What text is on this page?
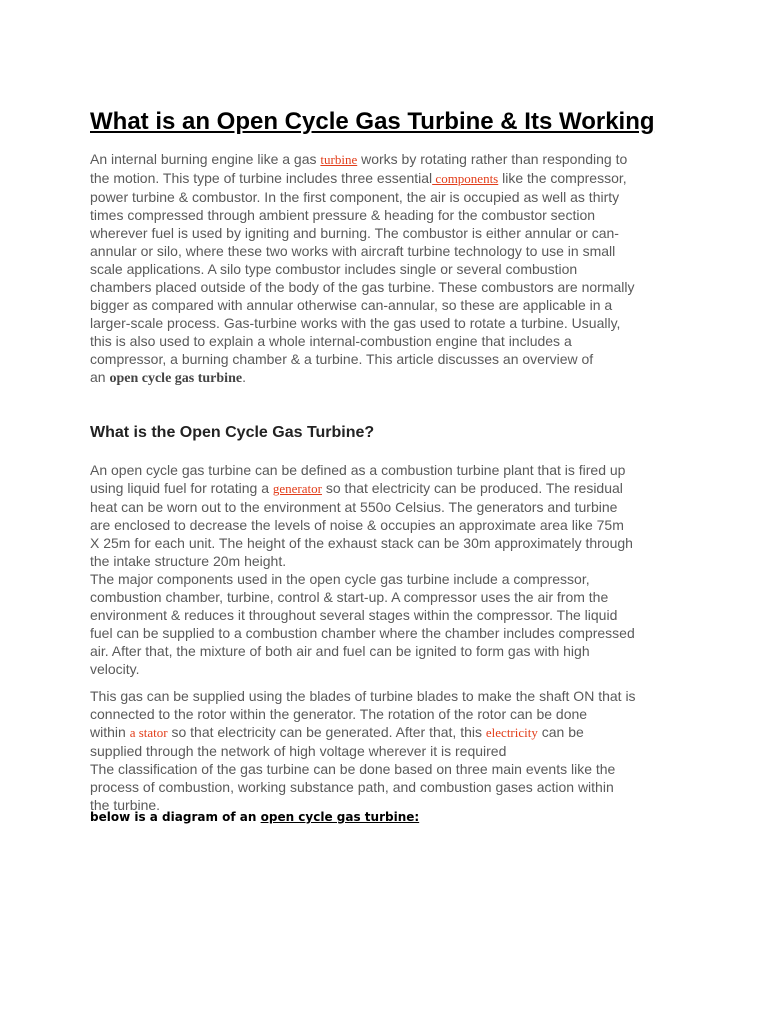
What is an Open Cycle Gas Turbine & Its Working
An internal burning engine like a gas turbine works by rotating rather than responding to
the motion. This type of turbine includes three essential components like the compressor,
power turbine & combustor. In the first component, the air is occupied as well as thirty
times compressed through ambient pressure & heading for the combustor section
wherever fuel is used by igniting and burning. The combustor is either annular or can-
annular or silo, where these two works with aircraft turbine technology to use in small
scale applications. A silo type combustor includes single or several combustion
chambers placed outside of the body of the gas turbine. These combustors are normally
bigger as compared with annular otherwise can-annular, so these are applicable in a
larger-scale process. Gas-turbine works with the gas used to rotate a turbine. Usually,
this is also used to explain a whole internal-combustion engine that includes a
compressor, a burning chamber & a turbine. This article discusses an overview of
an open cycle gas turbine.
What is the Open Cycle Gas Turbine?
An open cycle gas turbine can be defined as a combustion turbine plant that is fired up
using liquid fuel for rotating a generator so that electricity can be produced. The residual
heat can be worn out to the environment at 550o Celsius. The generators and turbine
are enclosed to decrease the levels of noise & occupies an approximate area like 75m
X 25m for each unit. The height of the exhaust stack can be 30m approximately through
the intake structure 20m height.
The major components used in the open cycle gas turbine include a compressor,
combustion chamber, turbine, control & start-up. A compressor uses the air from the
environment & reduces it throughout several stages within the compressor. The liquid
fuel can be supplied to a combustion chamber where the chamber includes compressed
air. After that, the mixture of both air and fuel can be ignited to form gas with high
velocity.
This gas can be supplied using the blades of turbine blades to make the shaft ON that is
connected to the rotor within the generator. The rotation of the rotor can be done
within a stator so that electricity can be generated. After that, this electricity can be
supplied through the network of high voltage wherever it is required
The classification of the gas turbine can be done based on three main events like the
process of combustion, working substance path, and combustion gases action within
the turbine.

below is a diagram of an open cycle gas turbine:
